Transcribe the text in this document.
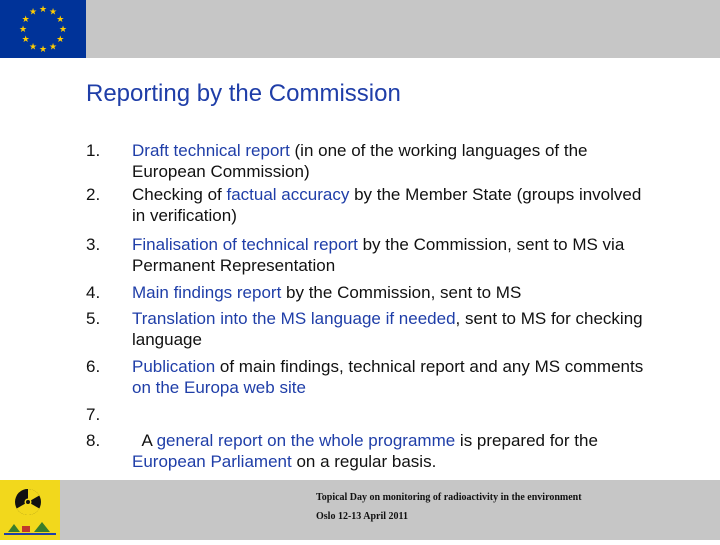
★ ★
★
★
★
★
★
★
★
★
★
★
Reporting by the Commission
1.	Draft technical report (in one of the working languages of the European Commission)
2.	Checking of factual accuracy by the Member State (groups involved in verification)
3.	Finalisation of technical report by the Commission, sent to MS via Permanent Representation
4.	Main findings report by the Commission, sent to MS
5.	Translation into the MS language if needed, sent to MS for checking language
6.	Publication of main findings, technical report and any MS comments on the Europa web site
7.
8.	A general report on the whole programme is prepared for the European Parliament on a regular basis.
Topical Day on monitoring of radioactivity in the environment
Oslo 12-13 April 2011
